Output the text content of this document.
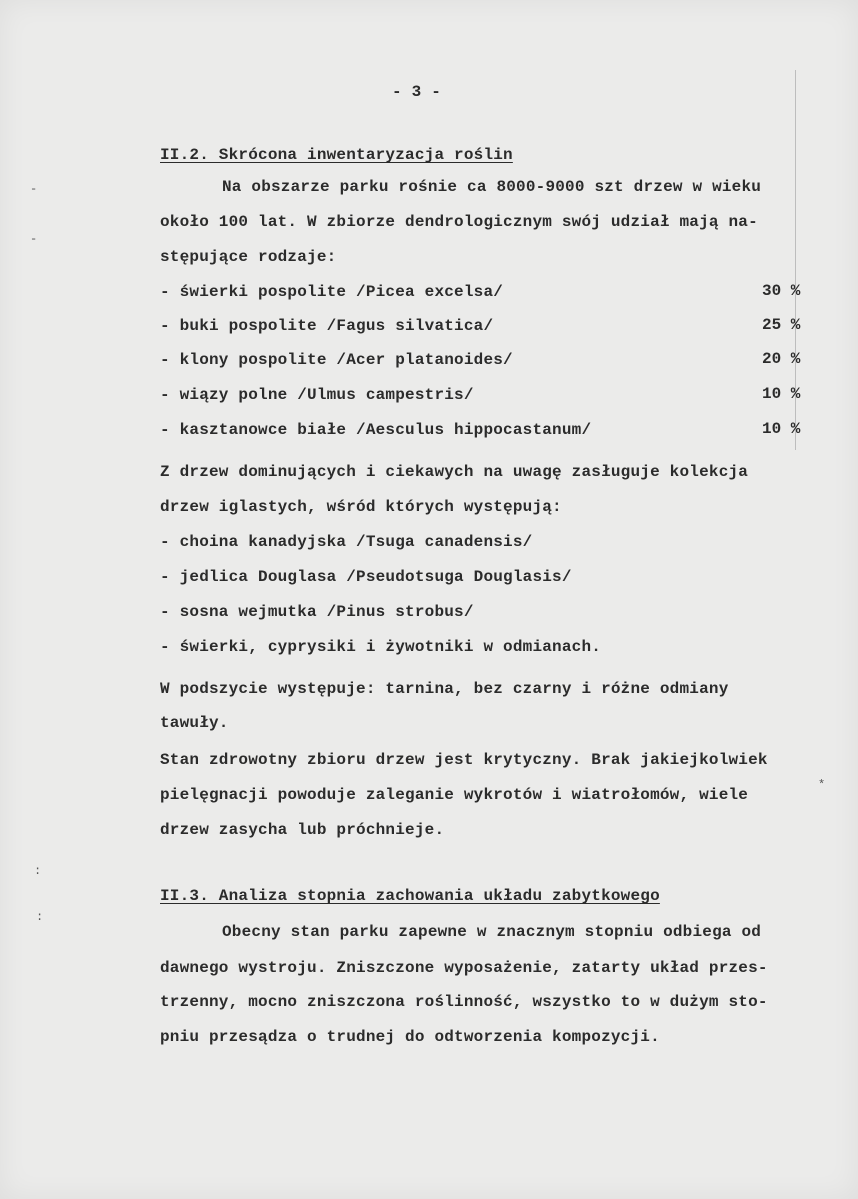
- 3 -
II.2. Skrócona inwentaryzacja roślin
Na obszarze parku rośnie ca 8000-9000 szt drzew w wieku
około 100 lat. W zbiorze dendrologicznym swój udział mają na-
stępujące rodzaje:
- świerki pospolite /Picea excelsa/	30 %
- buki pospolite /Fagus silvatica/	25 %
- klony pospolite /Acer platanoides/	20 %
- wiązy polne /Ulmus campestris/	10 %
- kasztanowce białe /Aesculus hippocastanum/	10 %
Z drzew dominujących i ciekawych na uwagę zasługuje kolekcja
drzew iglastych, wśród których występują:
- choina kanadyjska /Tsuga canadensis/
- jedlica Douglasa /Pseudotsuga Douglasis/
- sosna wejmutka /Pinus strobus/
- świerki, cyprysiki i żywotniki w odmianach.
W podszycie występuje: tarnina, bez czarny i różne odmiany
tawuły.
Stan zdrowotny zbioru drzew jest krytyczny. Brak jakiejkolwiek
pielęgnacji powoduje zaleganie wykrotów i wiatrołomów, wiele
drzew zasycha lub próchnieje.
II.3. Analiza stopnia zachowania układu zabytkowego
Obecny stan parku zapewne w znacznym stopniu odbiega od
dawnego wystroju. Zniszczone wyposażenie, zatarty układ przes-
trzenny, mocno zniszczona roślinność, wszystko to w dużym sto-
pniu przesądza o trudnej do odtworzenia kompozycji.
-
-
:
:
*
